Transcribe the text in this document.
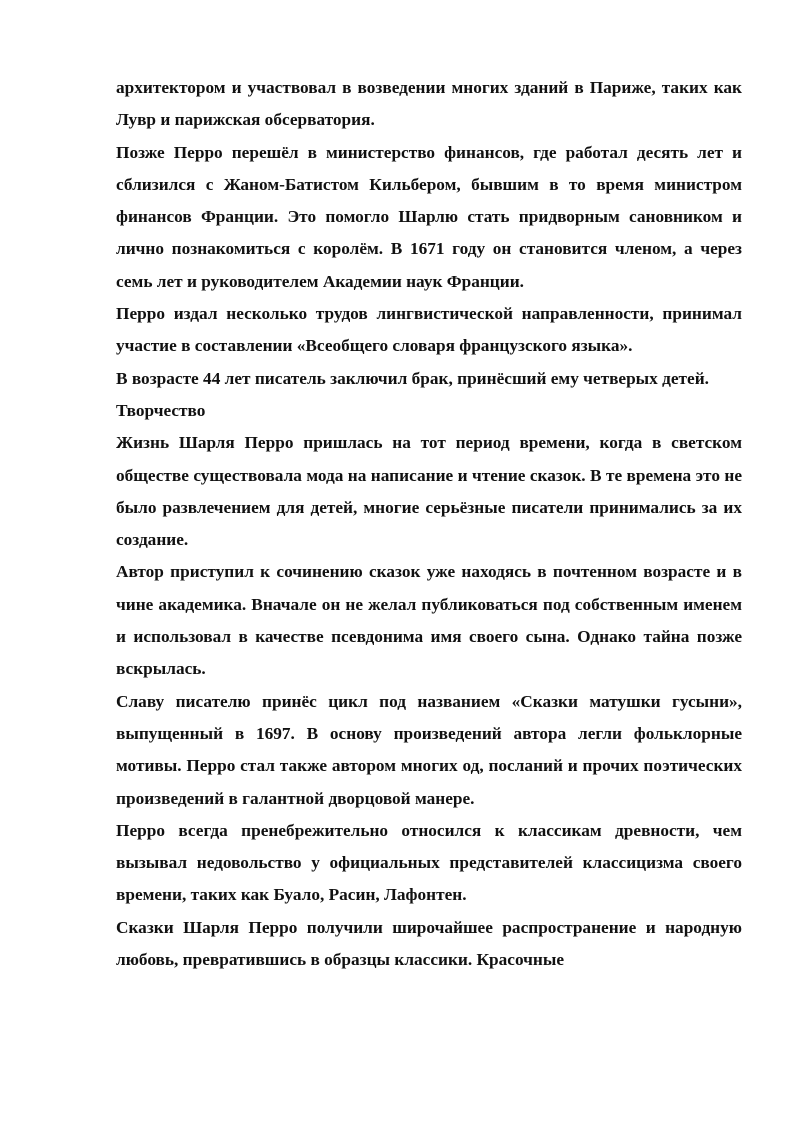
архитектором и участвовал в возведении многих зданий в Париже, таких как Лувр и парижская обсерватория.

Позже Перро перешёл в министерство финансов, где работал десять лет и сблизился с Жаном-Батистом Кильбером, бывшим в то время министром финансов Франции. Это помогло Шарлю стать придворным сановником и лично познакомиться с королём. В 1671 году он становится членом, а через семь лет и руководителем Академии наук Франции.

Перро издал несколько трудов лингвистической направленности, принимал участие в составлении «Всеобщего словаря французского языка».

В возрасте 44 лет писатель заключил брак, принёсший ему четверых детей.

Творчество

Жизнь Шарля Перро пришлась на тот период времени, когда в светском обществе существовала мода на написание и чтение сказок. В те времена это не было развлечением для детей, многие серьёзные писатели принимались за их создание.

Автор приступил к сочинению сказок уже находясь в почтенном возрасте и в чине академика. Вначале он не желал публиковаться под собственным именем и использовал в качестве псевдонима имя своего сына. Однако тайна позже вскрылась.

Славу писателю принёс цикл под названием «Сказки матушки гусыни», выпущенный в 1697. В основу произведений автора легли фольклорные мотивы. Перро стал также автором многих од, посланий и прочих поэтических произведений в галантной дворцовой манере.

Перро всегда пренебрежительно относился к классикам древности, чем вызывал недовольство у официальных представителей классицизма своего времени, таких как Буало, Расин, Лафонтен.

Сказки Шарля Перро получили широчайшее распространение и народную любовь, превратившись в образцы классики. Красочные
